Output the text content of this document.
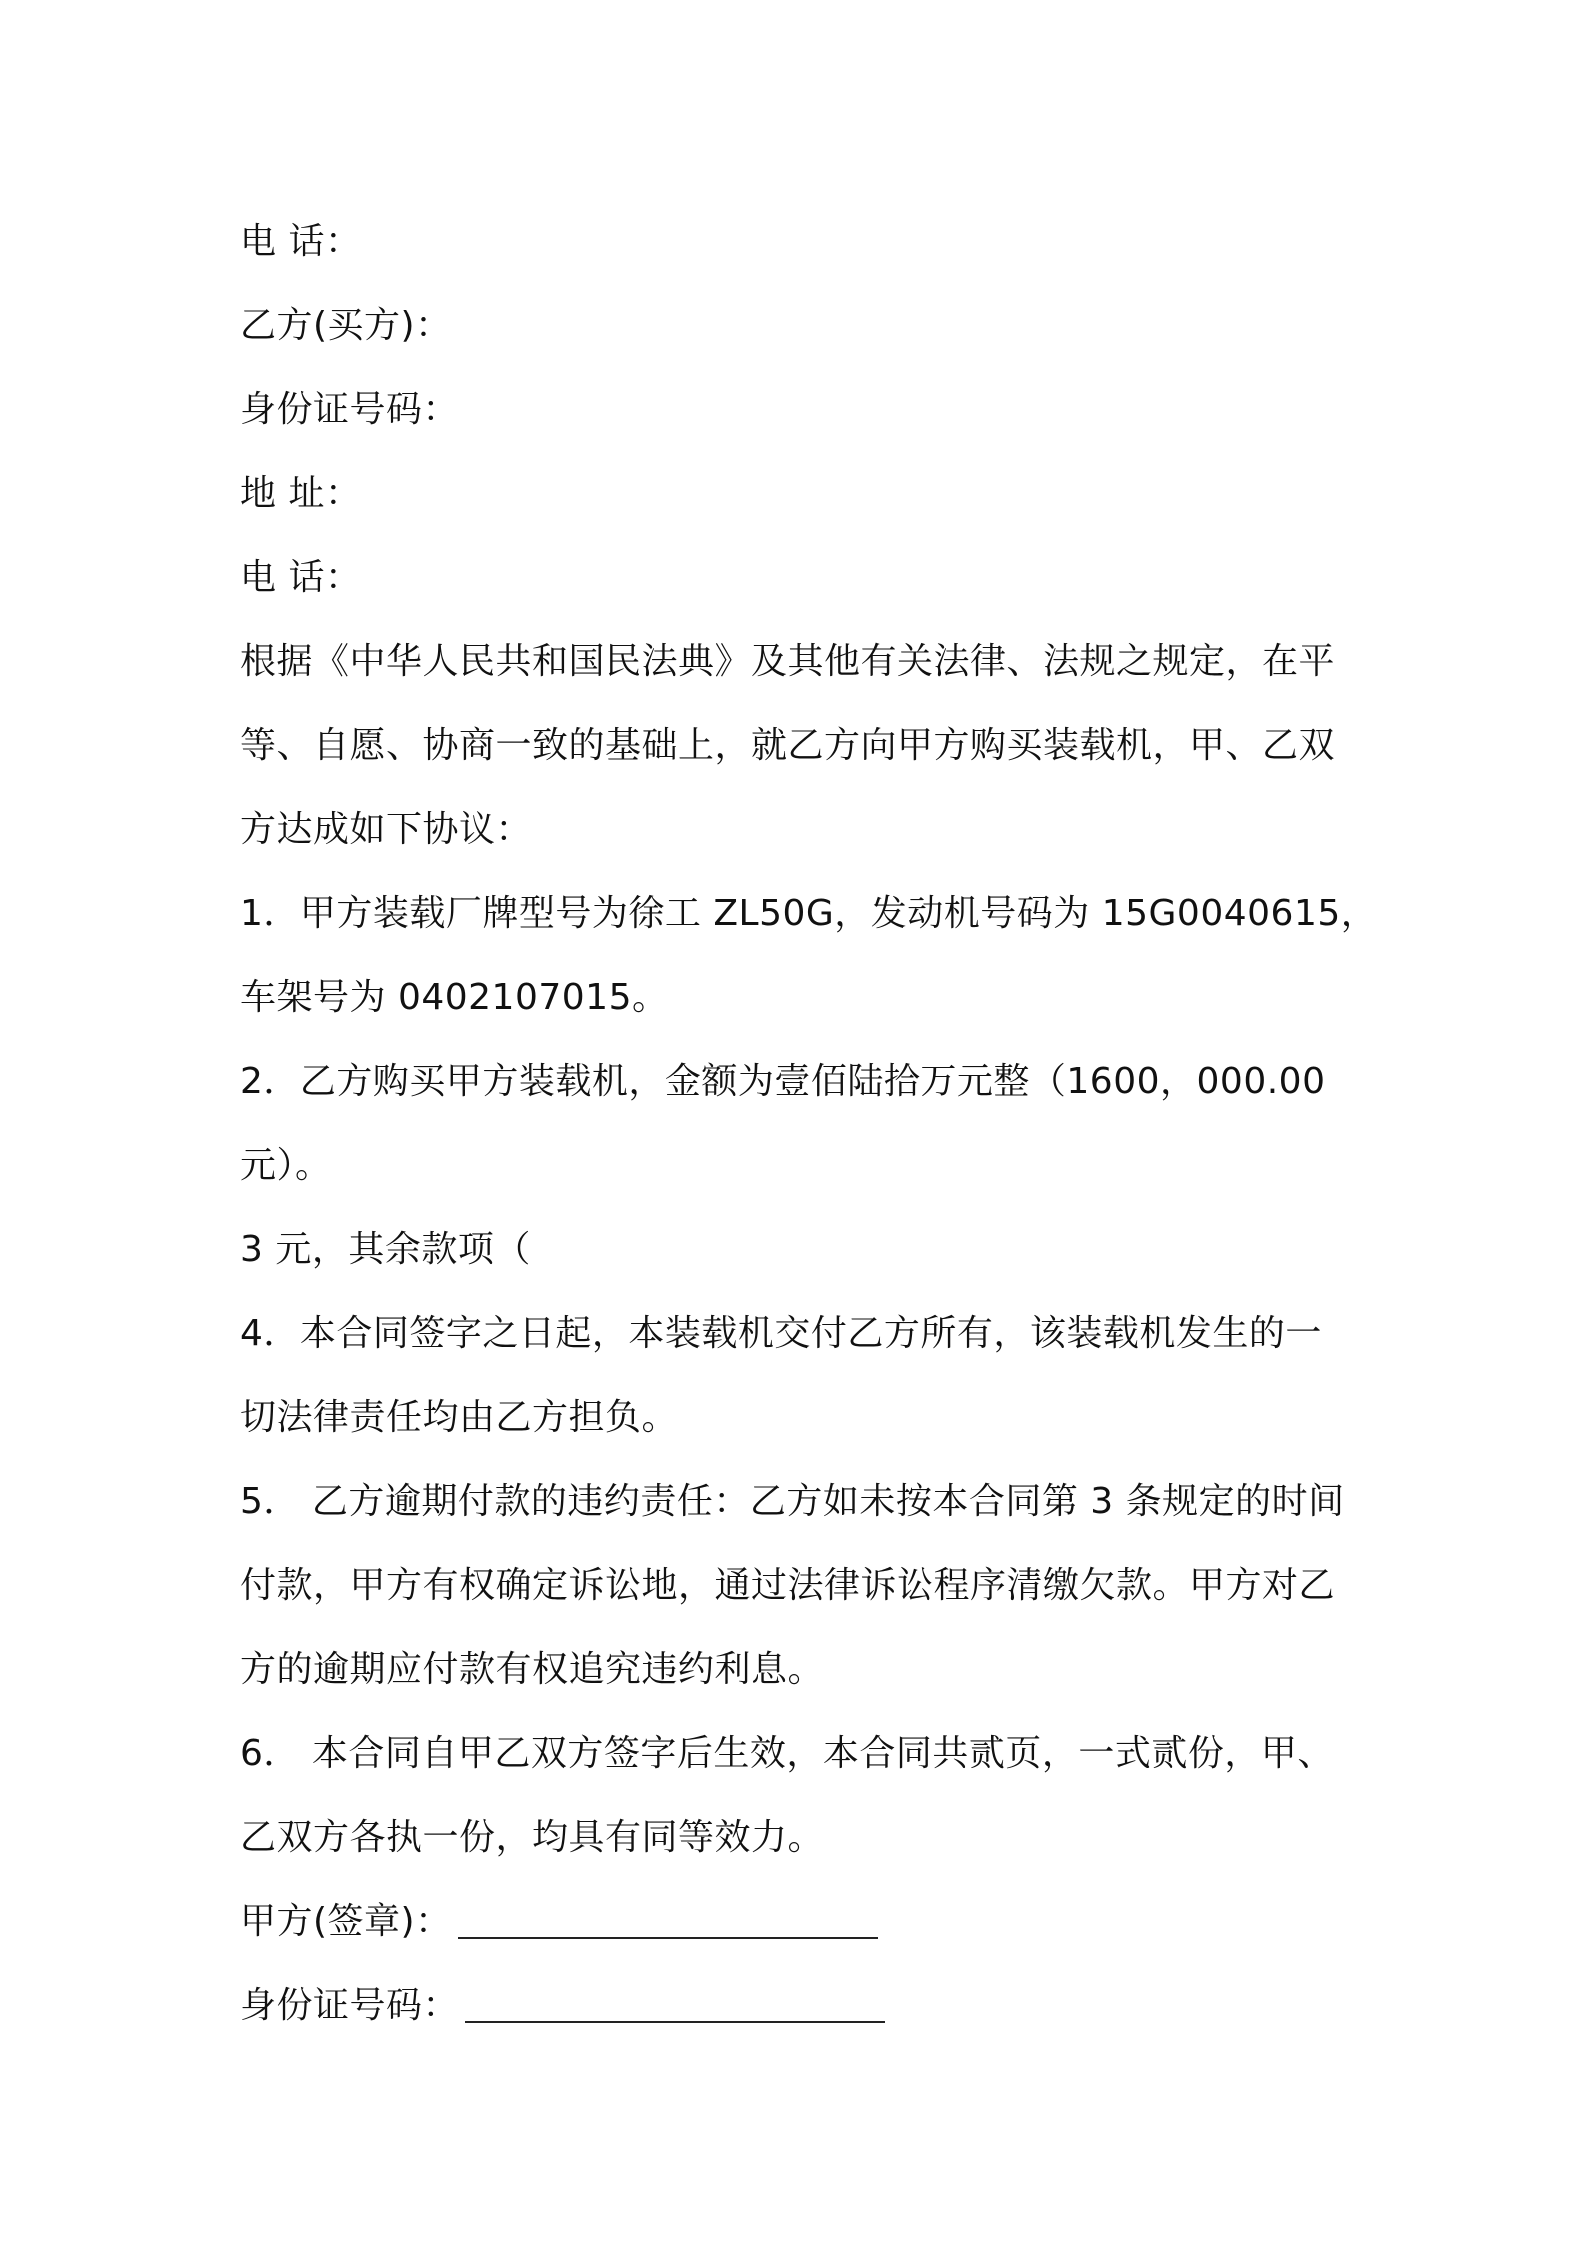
电 话：

乙方(买方)：

身份证号码：

地 址：

电 话：

根据《中华人民共和国民法典》及其他有关法律、法规之规定，在平

等、自愿、协商一致的基础上，就乙方向甲方购买装载机，甲、乙双

方达成如下协议：

1．甲方装载厂牌型号为徐工 ZL50G，发动机号码为 15G0040615，

车架号为 0402107015。

2．乙方购买甲方装载机，金额为壹佰陆拾万元整（1600，000.00

元）。

3 元，其余款项（

4．本合同签字之日起，本装载机交付乙方所有，该装载机发生的一

切法律责任均由乙方担负。

5． 乙方逾期付款的违约责任：乙方如未按本合同第 3 条规定的时间

付款，甲方有权确定诉讼地，通过法律诉讼程序清缴欠款。甲方对乙

方的逾期应付款有权追究违约利息。

6． 本合同自甲乙双方签字后生效，本合同共贰页，一式贰份，甲、

乙双方各执一份，均具有同等效力。

甲方(签章)：

身份证号码：
